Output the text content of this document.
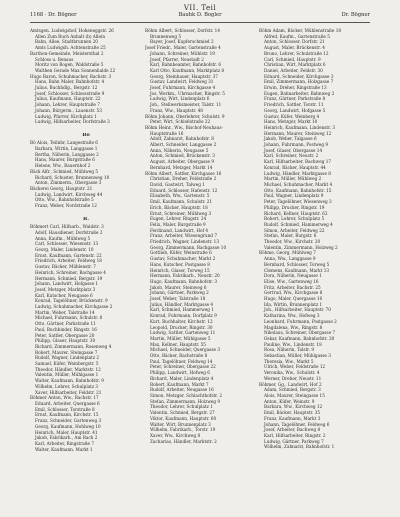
VII. Teil
1168 · Dr. Bögner	Bauhk D. Bogler	Dr. Bögner
Amtsgen. Ludwigshof, Hoheneggstr. 26
Allen Zum Buch Anhalt (b) Allein
Bahn, Allee, Stadtbrunnen 20
Amts Ludwigsh. Achtenstraße 25
Barthon-Gemeinde, Meistersthal 2
Schloss u. Benaus
Moritz von Bogen, Waldstraße 5
Walthen Gerade Max Sonnenhalde 22
Hugo Baron, Schuhmacher, Bachstr. 3
Hans, Bahn Maler, Bahnhofstr. 4
Julius, Buchhdlg., Bergstr. 12
Josef, Schlosser, Schlossstraße 9
Julius, Kaufmann, Hauptstr. 22
Johann, Lehrer, Hauptstraße 7
Johann, Bürgerm., Lauenstr. 53
Ludwig, Pfarrer, Kirchplatz 1
Ludwig, Hilfsarbeiter, Dorfstraße 3

Bö
Bö Alois, Teilnhr, Langestraße 6
Barbara, Wirtin, Langgasse 1
Bertha, Näherin, Langgasse 2
Hans, Maurer, Burgstraße 6
Helene, Ww., Bauernhof 2
Bäck Alfr., Schmied, Mühlweg 5
Richard, Schuster, Brunnenweg 10
Anton, Zimmerm., Obergasse 3
Bäckerei Georg, Hauptstr. 21
Ludwig, Landwirt, Kirchweg 44
Otto, Ww., Bahnhofstraße 5
Franz, Weber, Nordstraße 12

B.
Böhmert Carl, Hilfsarb., Waldstr. 3
Adolf, Hausdiener, Dorfstraße 2
Anna, Kaufm., Mühlweg 5
Carl, Schlosser, Wiesenstr. 13
Georg, Maler, Lindenstr. 10
Ernst, Kaufmann, Gartenstr. 22
Friedrich, Arbeiter, Feldweg 18
Gustav, Bäcker, Mühlenstr. 7
Heinrich, Schreiner, Bachgasse 4
Hermann, Schmied, Bergstr. 19
Johann, Landwirt, Hofgasse 1
Josef, Metzger, Marktplatz 3
Karl, Kutscher, Neugasse 6
Konrad, Tagelöhner, Brückenstr. 9
Ludwig, Schuhmacher, Kirchgasse 2
Martin, Weber, Talstraße 14
Michael, Fuhrmann, Schulstr. 8
Otto, Gärtner, Parkstraße 11
Paul, Buchbinder, Ringstr. 16
Peter, Sattler, Obergasse 20
Philipp, Glaser, Hauptstr. 30
Richard, Zimmermann, Rosenweg 4
Robert, Maurer, Steingasse 7
Rudolf, Wagner, Lindenplatz 2
Samuel, Küfer, Weinbergstr. 5
Theodor, Händler, Marktstr. 12
Valentin, Müller, Mühlgasse 1
Walter, Kaufmann, Bahnhofstr. 9
Wilhelm, Lehrer, Schulplatz 3
Xaver, Hilfsarbeiter, Feldstr. 21
Böhmer Anton, Ww., Bachstr. 17
Eduard, Arbeiter, Quergasse 6
Emil, Schlosser, Torstraße 8
Ernst, Kaufmann, Kirchstr. 15
Franz, Schneider, Gartenweg 3
Georg, Kaufmann, Hohlweg 10
Heinrich, Maler, Hauptstr. 41
Jakob, Fabrikarb., Am Bach 2
Karl, Arbeiter, Ringstraße 7
Walter, Kaufmann, Markt 1
Böhm Albert, Schlosser, Dorfstr. 14
Brunnenweg 5
Bayer, Josef, Kupferschmied 2
Josef Friedr., Maler, Gartenstraße 4
Johann, Schreiner, Mühlstr. 19
Josef, Pfarrer, Neustadt 2
Karl, Bahnbeamter, Bahnhofstr. 6
Karl Otto, Kaufmann, Marktplatz 8
Georg, Steinhauer, Hauptstr. 37
Gustav, Landwirt, Feldweg 31
Josef, Fuhrmann, Kirchgasse 4
Jos. Werkm., Uhrmacher, Ringstr. 5
Ludwig, Wirt, Lindenplatz 6
Joh., Stellwerksmeister, Talstr. 11
Franz, Ww., Hauptstr. 48
Böhm Johann, Oberlehrer, Schulstr. 9
Peter, Wirt, Schloßstraße 22
Böhm Heinr., Ww., Bischof-Neuhaus-
Hauptstraße 16
Adolf, Zahnarzt, Bahnhofstr. 8
Albert, Schneider, Langgasse 2
Anna, Näherin, Neugasse 5
Anton, Schmied, Brückenstr. 3
August, Arbeiter, Obergasse 9
Bernhard, Metzger, Markt 14
Böhm Albert, Sattler, Kirchgasse 16
Christian, Dreher, Feldstraße 2
David, Gastwirt, Talweg 1
Eduard, Schlosser, Hafenstr. 12
Elisabeth, Ww., Gartenstr. 5
Emil, Kaufmann, Schulstr. 21
Erich, Bäcker, Hauptstr. 18
Ernst, Schreiner, Mühlweg 3
Eugen, Lehrer, Ringstr. 24
Felix, Maler, Burgstraße 9
Ferdinand, Landwirt, Hof 4
Franz, Arbeiter, Wiesengrund 7
Friedrich, Wagner, Lindenstr. 13
Georg, Zimmermann, Bachgasse 10
Gottlieb, Küfer, Weinstraße 6
Gustav, Schuhmacher, Markt 2
Hans, Kutscher, Postgasse 8
Heinrich, Glaser, Torweg 15
Hermann, Fabrikarb., Neustr. 20
Hugo, Kaufmann, Bahnhofstr. 3
Jakob, Maurer, Steinweg 6
Johann, Gärtner, Parkweg 2
Josef, Weber, Talstraße 18
Julius, Händler, Marktgasse 4
Karl, Schmied, Hammerweg 1
Konrad, Fuhrmann, Dorfplatz 9
Kurt, Buchhalter, Kirchstr. 12
Leopold, Drucker, Ringstr. 30
Ludwig, Sattler, Gartenweg 11
Martin, Müller, Mühlgasse 5
Max, Kellner, Hauptstr. 55
Michael, Schneider, Quergasse 3
Otto, Bäcker, Bachstraße 8
Paul, Tagelöhner, Feldweg 14
Peter, Schreiner, Obergasse 22
Philipp, Landwirt, Hofweg 6
Richard, Maler, Lindenplatz 4
Robert, Kaufmann, Markt 7
Rudolf, Arbeiter, Neugasse 16
Simon, Metzger, Schlachthofstr. 2
Stefan, Zimmermann, Holzweg 9
Theodor, Lehrer, Schulplatz 1
Valentin, Schmied, Bergstr. 27
Viktor, Kaufmann, Hauptstr. 60
Walter, Wirt, Brunnenplatz 3
Wilhelm, Fabrikarb., Torstr. 19
Xaver, Ww., Kirchweg 8
Zacharias, Händler, Marktstr. 2
Böhm Adam, Bäcker, Mühlenstraße 18
Alfred, Kaufm., Gartenstraße 5
Anton, Schlosser, Dorfstr. 21
August, Maler, Brückenstr. 4
Bruno, Lehrer, Schulstraße 12
Carl, Schmied, Hauptstr. 9
Christian, Wirt, Marktplatz 6
Daniel, Arbeiter, Feldstr. 30
Eduard, Schneider, Kirchgasse 3
Emil, Zimmermann, Holzgasse 7
Erwin, Dreher, Ringstraße 13
Eugen, Bahnarbeiter, Bahnweg 2
Franz, Gärtner, Parkstraße 8
Friedrich, Sattler, Torstr. 11
Georg, Landwirt, Hofgasse 5
Gustav, Küfer, Weinberg 4
Hans, Metzger, Markt 10
Heinrich, Kaufmann, Lindenstr. 3
Hermann, Maurer, Steinweg 12
Jakob, Weber, Talgasse 6
Johann, Fuhrmann, Postweg 9
Josef, Glaser, Obergasse 14
Karl, Schreiner, Neustr. 2
Karl, Hilfsarbeiter, Bachweg 17
Konrad, Bäcker, Hauptstr. 44
Ludwig, Händler, Marktgasse 8
Martin, Müller, Mühlweg 2
Michael, Schuhmacher, Markt 4
Otto, Kaufmann, Bahnhofstr. 15
Paul, Wagner, Lindenplatz 9
Peter, Tagelöhner, Wiesenweg 3
Philipp, Drucker, Ringstr. 19
Richard, Kellner, Hauptstr. 62
Robert, Lehrer, Schulplatz 5
Rudolf, Schmied, Hammerweg 4
Simon, Arbeiter, Feldweg 22
Stefan, Maler, Burgstr. 6
Theodor, Ww., Kirchstr. 20
Valentin, Zimmermann, Holzweg 2
Böhme, Georg, Mühlweg 7
Anna, Ww., Langgasse 9
Bernhard, Schlosser, Torweg 5
Clemens, Kaufmann, Markt 13
Dora, Näherin, Neugasse 1
Elise, Ww., Gartenweg 16
Fritz, Arbeiter, Bachstr. 25
Gertrud, Ww., Kirchgasse 8
Hugo, Maler, Quergasse 10
Ida, Wirtin, Brunnenplatz 1
Joh., Hilfsarbeiter, Hauptstr. 70
Katharina, Ww., Hofweg 3
Leonhard, Fuhrmann, Postgasse 2
Magdalena, Ww., Ringstr. 8
Nikolaus, Schreiner, Obergasse 7
Oskar, Kaufmann, Bahnhofstr. 20
Pauline, Ww., Lindenstr. 18
Rosa, Näherin, Talstr. 9
Sebastian, Müller, Mühlgasse 3
Theresia, Ww., Markt 5
Ulrich, Weber, Feldstraße 12
Veronika, Ww., Schulstr. 4
Werner, Dreher, Neustr. 11
Böhmer, Gg., Landwirt, Hof 2
Adam, Schmied, Bergstr. 3
Alois, Maurer, Steingasse 15
Anton, Küfer, Weinstr. 9
Barbara, Ww., Kirchweg 12
Emil, Bäcker, Hauptstr. 35
Franz, Kaufmann, Markt 3
Johann, Tagelöhner, Feldweg 6
Josef, Arbeiter, Bachweg 8
Karl, Hilfsarbeiter, Ringstr. 2
Ludwig, Gärtner, Parkweg 7
Wilhelm, Zahnarzt, Bahnhofstr. 1
